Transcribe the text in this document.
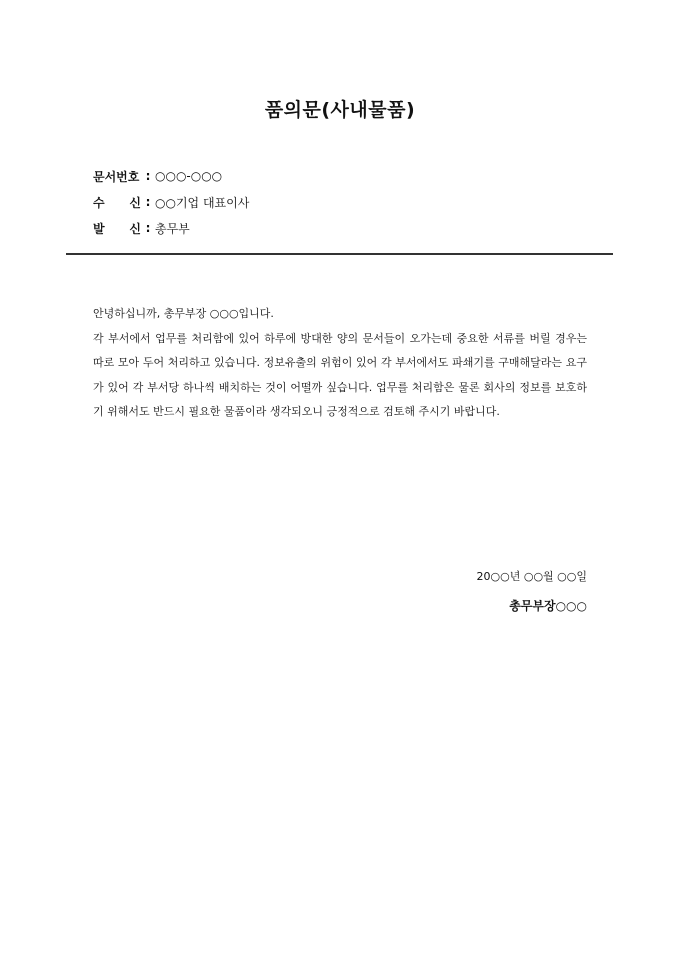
품의문(사내물품)
문서번호 : ○○○-○○○
수 신 : ○○기업 대표이사
발 신 : 총무부

안녕하십니까, 총무부장 ○○○입니다.

각 부서에서 업무를 처리함에 있어 하루에 방대한 양의 문서들이 오가는데 중요한 서류를 버릴 경우는 따로 모아 두어 처리하고 있습니다. 정보유출의 위험이 있어 각 부서에서도 파쇄기를 구매해달라는 요구가 있어 각 부서당 하나씩 배치하는 것이 어떨까 싶습니다. 업무를 처리함은 물론 회사의 정보를 보호하기 위해서도 반드시 필요한 물품이라 생각되오니 긍정적으로 검토해 주시기 바랍니다.

20○○년 ○○월 ○○일
총무부장○○○
